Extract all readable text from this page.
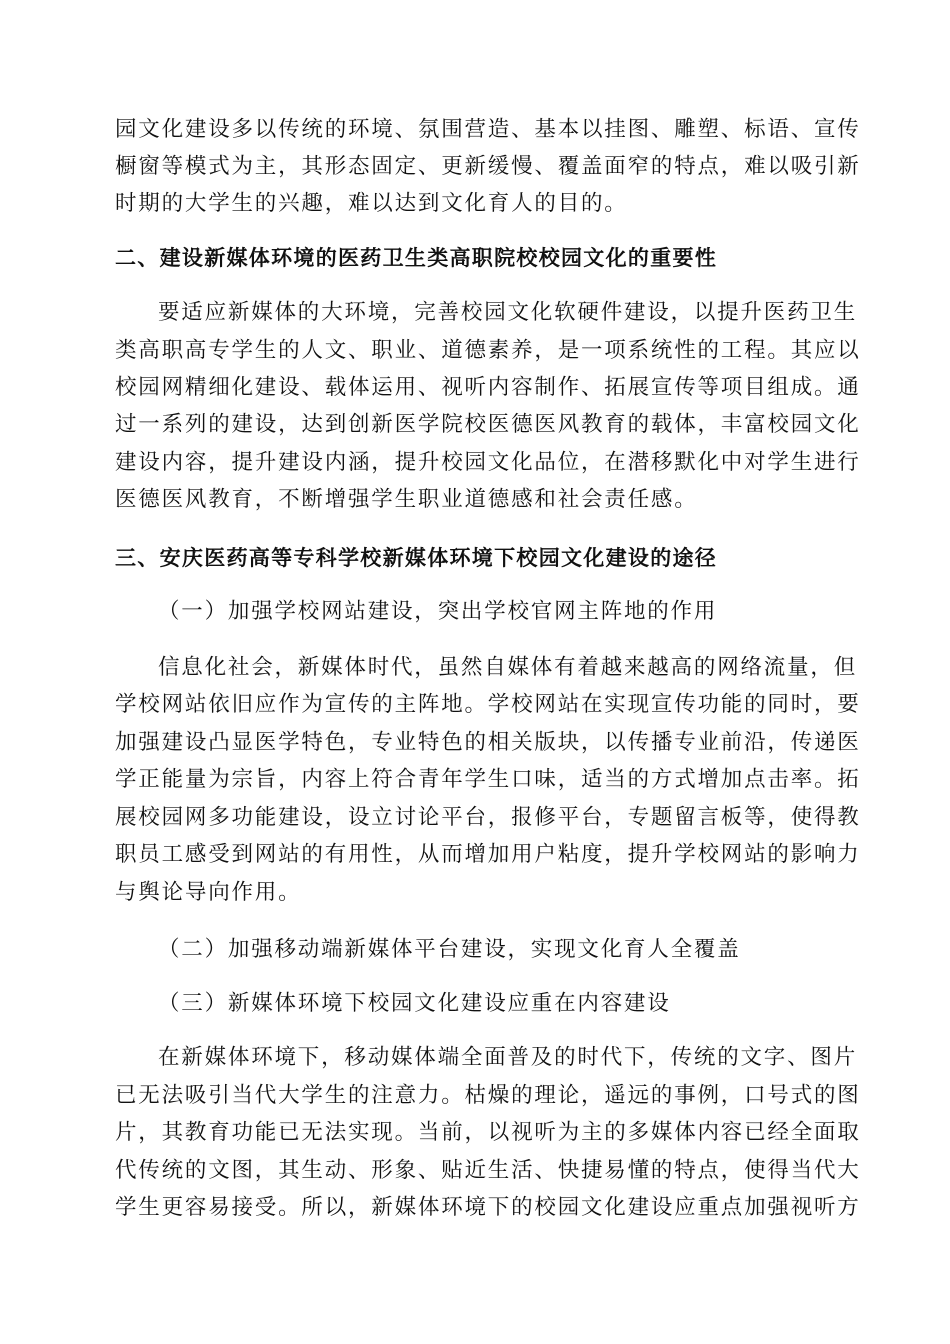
园文化建设多以传统的环境、氛围营造、基本以挂图、雕塑、标语、宣传
橱窗等模式为主，其形态固定、更新缓慢、覆盖面窄的特点，难以吸引新
时期的大学生的兴趣，难以达到文化育人的目的。
二、建设新媒体环境的医药卫生类高职院校校园文化的重要性
要适应新媒体的大环境，完善校园文化软硬件建设，以提升医药卫生
类高职高专学生的人文、职业、道德素养，是一项系统性的工程。其应以
校园网精细化建设、载体运用、视听内容制作、拓展宣传等项目组成。通
过一系列的建设，达到创新医学院校医德医风教育的载体，丰富校园文化
建设内容，提升建设内涵，提升校园文化品位，在潜移默化中对学生进行
医德医风教育，不断增强学生职业道德感和社会责任感。
三、安庆医药高等专科学校新媒体环境下校园文化建设的途径
（一）加强学校网站建设，突出学校官网主阵地的作用
信息化社会，新媒体时代，虽然自媒体有着越来越高的网络流量，但
学校网站依旧应作为宣传的主阵地。学校网站在实现宣传功能的同时，要
加强建设凸显医学特色，专业特色的相关版块，以传播专业前沿，传递医
学正能量为宗旨，内容上符合青年学生口味，适当的方式增加点击率。拓
展校园网多功能建设，设立讨论平台，报修平台，专题留言板等，使得教
职员工感受到网站的有用性，从而增加用户粘度，提升学校网站的影响力
与舆论导向作用。
（二）加强移动端新媒体平台建设，实现文化育人全覆盖
（三）新媒体环境下校园文化建设应重在内容建设
在新媒体环境下，移动媒体端全面普及的时代下，传统的文字、图片
已无法吸引当代大学生的注意力。枯燥的理论，遥远的事例，口号式的图
片，其教育功能已无法实现。当前，以视听为主的多媒体内容已经全面取
代传统的文图，其生动、形象、贴近生活、快捷易懂的特点，使得当代大
学生更容易接受。所以，新媒体环境下的校园文化建设应重点加强视听方
